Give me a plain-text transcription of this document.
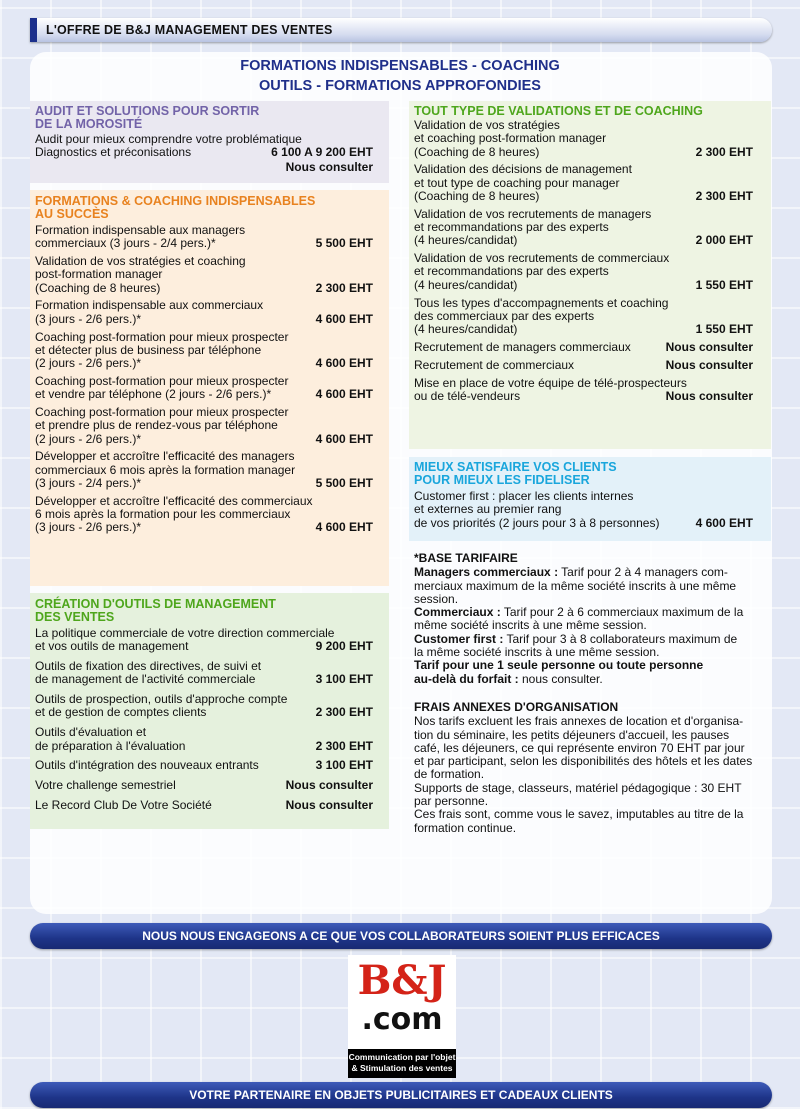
L'OFFRE DE B&J MANAGEMENT DES VENTES
FORMATIONS INDISPENSABLES - COACHING
OUTILS - FORMATIONS APPROFONDIES
AUDIT ET SOLUTIONS POUR SORTIR
DE LA MOROSITÉ
Audit pour mieux comprendre votre problématique
Diagnostics et préconisations	6 100 A 9 200 EHT
Nous consulter
FORMATIONS & COACHING INDISPENSABLES
AU SUCCÈS
Formation indispensable aux managers
commerciaux (3 jours - 2/4 pers.)*	5 500 EHT
Validation de vos stratégies et coaching
post-formation manager
(Coaching de 8 heures)	2 300 EHT
Formation indispensable aux commerciaux
(3 jours - 2/6 pers.)*	4 600 EHT
Coaching post-formation pour mieux prospecter
et détecter plus de business par téléphone
(2 jours - 2/6 pers.)*	4 600 EHT
Coaching post-formation pour mieux prospecter
et vendre par téléphone (2 jours - 2/6 pers.)*	4 600 EHT
Coaching post-formation pour mieux prospecter
et prendre plus de rendez-vous par téléphone
(2 jours - 2/6 pers.)*	4 600 EHT
Développer et accroître l'efficacité des managers
commerciaux 6 mois après la formation manager
(3 jours - 2/4 pers.)*	5 500 EHT
Développer et accroître l'efficacité des commerciaux
6 mois après la formation pour les commerciaux
(3 jours - 2/6 pers.)*	4 600 EHT
CRÉATION D'OUTILS DE MANAGEMENT
DES VENTES
La politique commerciale de votre direction commerciale
et vos outils de management	9 200 EHT
Outils de fixation des directives, de suivi et
de management de l'activité commerciale	3 100 EHT
Outils de prospection, outils d'approche compte
et de gestion de comptes clients	2 300 EHT
Outils d'évaluation et
de préparation à l'évaluation	2 300 EHT
Outils d'intégration des nouveaux entrants	3 100 EHT
Votre challenge semestriel	Nous consulter
Le Record Club De Votre Société	Nous consulter
TOUT TYPE DE VALIDATIONS ET DE COACHING
Validation de vos stratégies
et coaching post-formation manager
(Coaching de 8 heures)	2 300 EHT
Validation des décisions de management
et tout type de coaching pour manager
(Coaching de 8 heures)	2 300 EHT
Validation de vos recrutements de managers
et recommandations par des experts
(4 heures/candidat)	2 000 EHT
Validation de vos recrutements de commerciaux
et recommandations par des experts
(4 heures/candidat)	1 550 EHT
Tous les types d'accompagnements et coaching
des commerciaux par des experts
(4 heures/candidat)	1 550 EHT
Recrutement de managers commerciaux	Nous consulter
Recrutement de commerciaux	Nous consulter
Mise en place de votre équipe de télé-prospecteurs
ou de télé-vendeurs	Nous consulter
MIEUX SATISFAIRE VOS CLIENTS
POUR MIEUX LES FIDELISER
Customer first : placer les clients internes
et externes au premier rang
de vos priorités (2 jours pour 3 à 8 personnes)	4 600 EHT
*BASE TARIFAIRE
Managers commerciaux : Tarif pour 2 à 4 managers com-
merciaux maximum de la même société inscrits à une même
session.
Commerciaux : Tarif pour 2 à 6 commerciaux maximum de la
même société inscrits à une même session.
Customer first : Tarif pour 3 à 8 collaborateurs maximum de
la même société inscrits à une même session.
Tarif pour une 1 seule personne ou toute personne
au-delà du forfait : nous consulter.
FRAIS ANNEXES D'ORGANISATION
Nos tarifs excluent les frais annexes de location et d'organisa-
tion du séminaire, les petits déjeuners d'accueil, les pauses
café, les déjeuners, ce qui représente environ 70 EHT par jour
et par participant, selon les disponibilités des hôtels et les dates
de formation.
Supports de stage, classeurs, matériel pédagogique : 30 EHT
par personne.
Ces frais sont, comme vous le savez, imputables au titre de la
formation continue.
NOUS NOUS ENGAGEONS A CE QUE VOS COLLABORATEURS SOIENT PLUS EFFICACES
B&J
.com
Communication par l'objet
& Stimulation des ventes
VOTRE PARTENAIRE EN OBJETS PUBLICITAIRES ET CADEAUX CLIENTS
